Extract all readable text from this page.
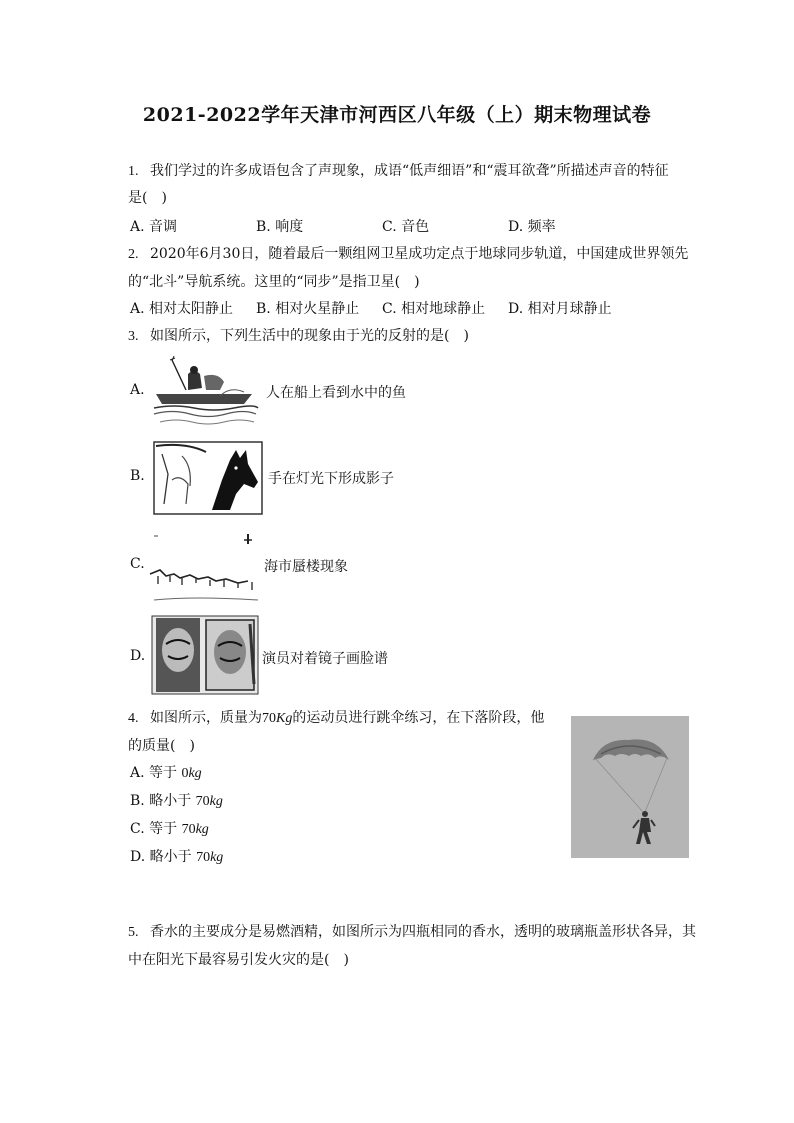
2021-2022学年天津市河西区八年级（上）期末物理试卷
1. 我们学过的许多成语包含了声现象，成语“低声细语”和“震耳欲聋”所描述声音的特征
是(　)
A. 音调	B. 响度	C. 音色	D. 频率
2. 2020年6月30日，随着最后一颗组网卫星成功定点于地球同步轨道，中国建成世界领先
的“北斗”导航系统。这里的“同步”是指卫星(　)
A. 相对太阳静止 B. 相对火星静止 C. 相对地球静止 D. 相对月球静止
3. 如图所示，下列生活中的现象由于光的反射的是(　)
A.	人在船上看到水中的鱼
B.	手在灯光下形成影子
C.	海市蜃楼现象
D.	演员对着镜子画脸谱
4. 如图所示，质量为70Kg的运动员进行跳伞练习，在下落阶段，他
的质量(　)
A. 等于 0kg
B. 略小于 70kg
C. 等于 70kg
D. 略小于 70kg
5. 香水的主要成分是易燃酒精，如图所示为四瓶相同的香水，透明的玻璃瓶盖形状各异，其
中在阳光下最容易引发火灾的是(　)
